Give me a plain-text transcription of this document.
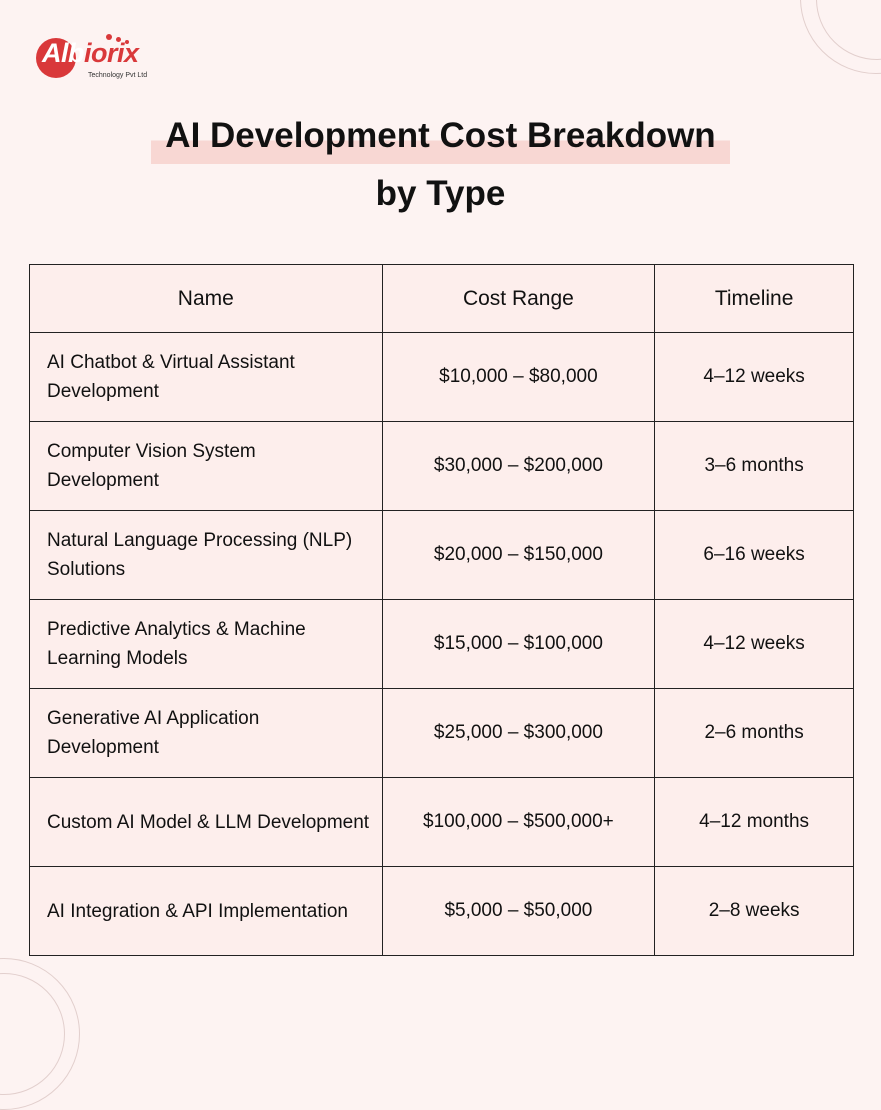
Albiorix
Technology Pvt Ltd
AI Development Cost Breakdown
by Type
Name	Cost Range	Timeline
AI Chatbot & Virtual Assistant Development	$10,000 – $80,000	4–12 weeks
Computer Vision System Development	$30,000 – $200,000	3–6 months
Natural Language Processing (NLP) Solutions	$20,000 – $150,000	6–16 weeks
Predictive Analytics & Machine Learning Models	$15,000 – $100,000	4–12 weeks
Generative AI Application Development	$25,000 – $300,000	2–6 months
Custom AI Model & LLM Development	$100,000 – $500,000+	4–12 months
AI Integration & API Implementation	$5,000 – $50,000	2–8 weeks
